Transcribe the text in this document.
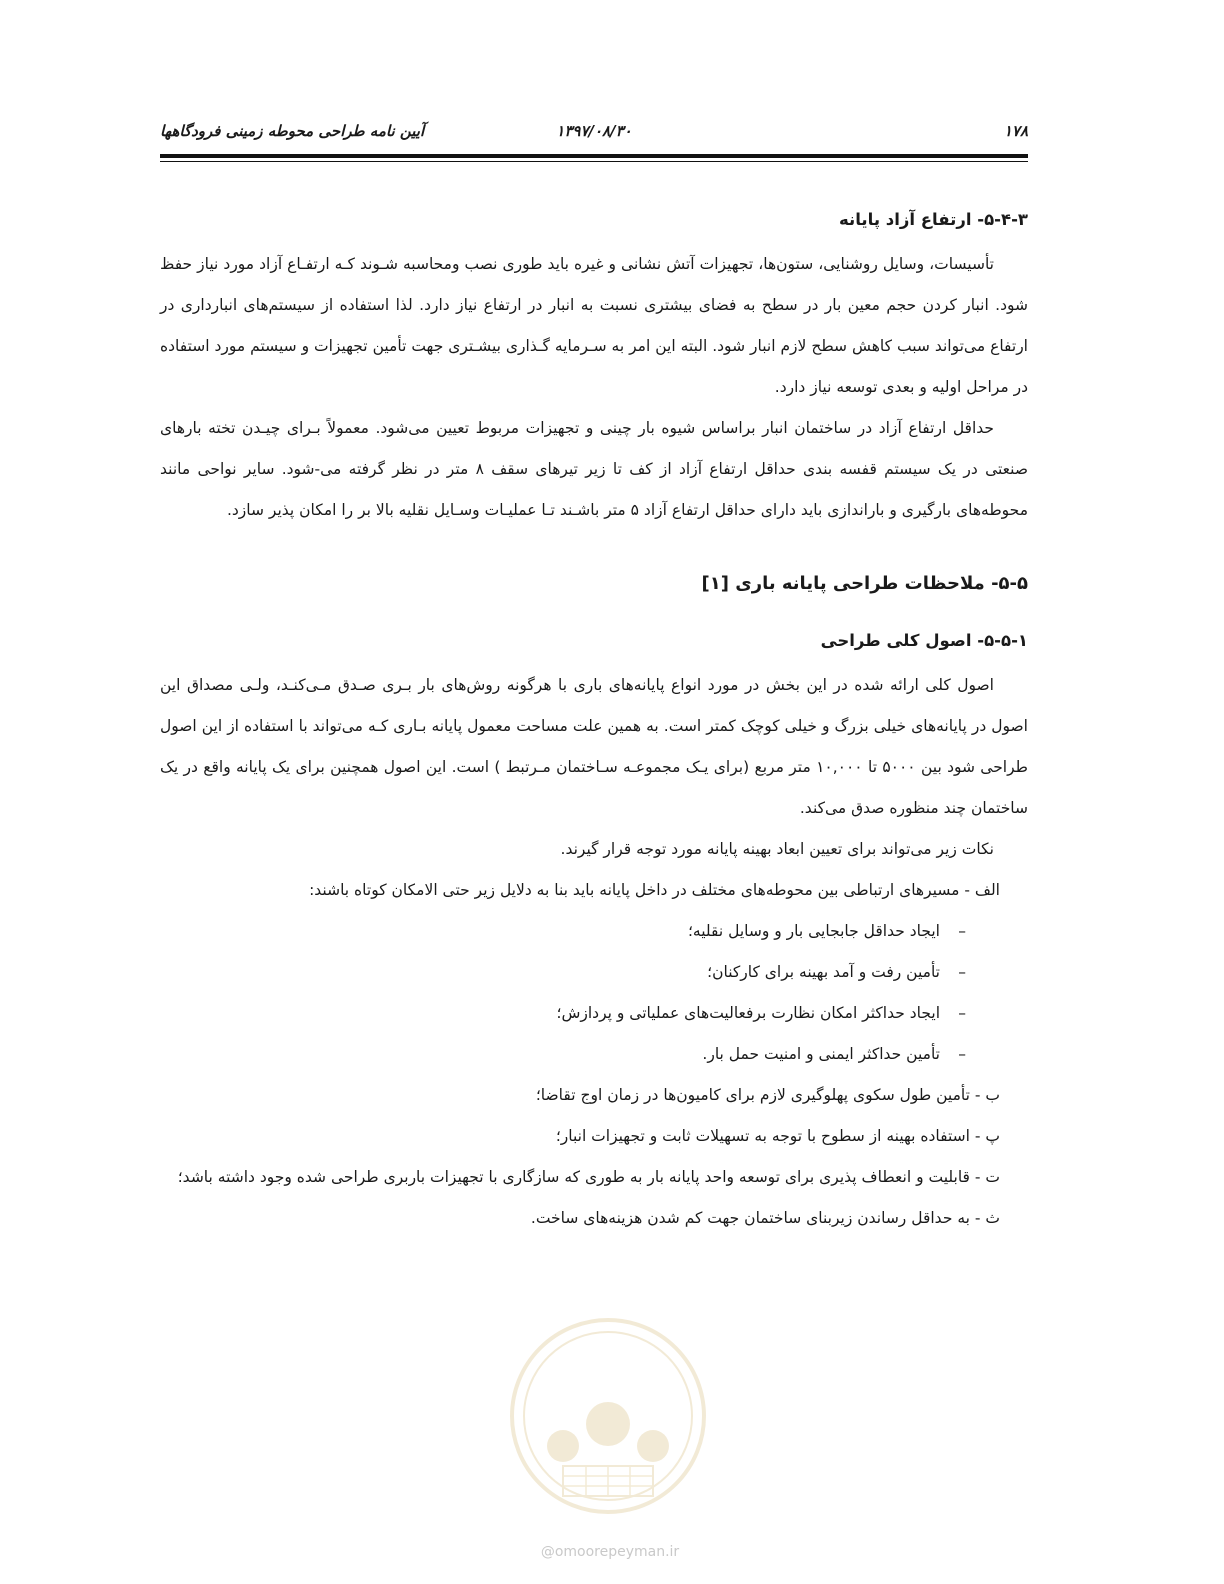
۱۷۸
۱۳۹۷/۰۸/۳۰
آیین نامه طراحی محوطه زمینی فرودگاهها

۵-۴-۳- ارتفاع آزاد پایانه

تأسیسات، وسایل روشنایی، ستون‌ها، تجهیزات آتش نشانی و غیره باید طوری نصب ومحاسبه شـوند کـه ارتفـاع آزاد مورد نیاز حفظ شود. انبار کردن حجم معین بار در سطح به فضای بیشتری نسبت به انبار در ارتفاع نیاز دارد. لذا استفاده از سیستم‌های انبارداری در ارتفاع می‌تواند سبب کاهش سطح لازم انبار شود. البته این امر به سـرمایه گـذاری بیشـتری جهت تأمین تجهیزات و سیستم مورد استفاده در مراحل اولیه و بعدی توسعه نیاز دارد.

حداقل ارتفاع آزاد در ساختمان انبار براساس شیوه بار چینی و تجهیزات مربوط تعیین می‌شود. معمولاً بـرای چیـدن تخته بارهای صنعتی در یک سیستم قفسه بندی حداقل ارتفاع آزاد از کف تا زیر تیرهای سقف ۸ متر در نظر گرفته می-شود. سایر نواحی مانند محوطه‌های بارگیری و باراندازی باید دارای حداقل ارتفاع آزاد ۵ متر باشـند تـا عملیـات وسـایل نقلیه بالا بر را امکان پذیر سازد.

۵-۵- ملاحظات طراحی پایانه باری [۱]

۵-۵-۱- اصول کلی طراحی

اصول کلی ارائه شده در این بخش در مورد انواع پایانه‌های باری با هرگونه روش‌های بار بـری صـدق مـی‌کنـد، ولـی مصداق این اصول در پایانه‌های خیلی بزرگ و خیلی کوچک کمتر است. به همین علت مساحت معمول پایانه بـاری کـه می‌تواند با استفاده از این اصول طراحی شود بین ۵۰۰۰ تا ۱۰,۰۰۰ متر مربع (برای یـک مجموعـه سـاختمان مـرتبط ) است. این اصول همچنین برای یک پایانه واقع در یک ساختمان چند منظوره صدق می‌کند.

نکات زیر می‌تواند برای تعیین ابعاد بهینه پایانه مورد توجه قرار گیرند.

الف - مسیرهای ارتباطی بین محوطه‌های مختلف در داخل پایانه باید بنا به دلایل زیر حتی الامکان کوتاه باشند:

–ایجاد حداقل جابجایی بار و وسایل نقلیه؛

–تأمین رفت و آمد بهینه برای کارکنان؛

–ایجاد حداکثر امکان نظارت برفعالیت‌های عملیاتی و پردازش؛

–تأمین حداکثر ایمنی و امنیت حمل بار.

ب - تأمین طول سکوی پهلوگیری لازم برای کامیون‌ها در زمان اوج تقاضا؛

پ - استفاده بهینه از سطوح با توجه به تسهیلات ثابت و تجهیزات انبار؛

ت - قابلیت و انعطاف پذیری برای توسعه واحد پایانه بار به طوری که سازگاری با تجهیزات باربری طراحی شده وجود داشته باشد؛

ث - به حداقل رساندن زیربنای ساختمان جهت کم شدن هزینه‌های ساخت.

@omoorepeyman.ir
